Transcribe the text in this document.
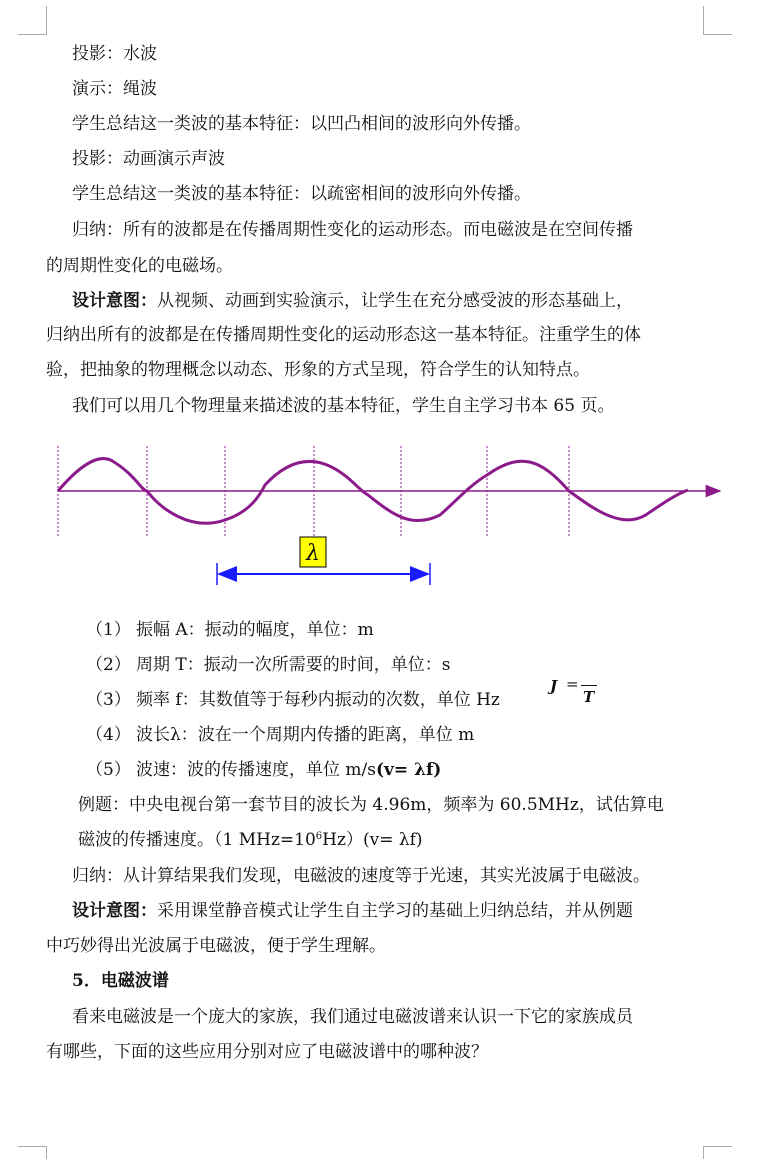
投影：水波
演示：绳波
学生总结这一类波的基本特征：以凹凸相间的波形向外传播。
投影：动画演示声波
学生总结这一类波的基本特征：以疏密相间的波形向外传播。
归纳：所有的波都是在传播周期性变化的运动形态。而电磁波是在空间传播
的周期性变化的电磁场。
设计意图：从视频、动画到实验演示，让学生在充分感受波的形态基础上，
归纳出所有的波都是在传播周期性变化的运动形态这一基本特征。注重学生的体
验，把抽象的物理概念以动态、形象的方式呈现，符合学生的认知特点。
我们可以用几个物理量来描述波的基本特征，学生自主学习书本 65 页。
λ
（1） 振幅 A：振动的幅度，单位：m
（2） 周期 T：振动一次所需要的时间，单位：s
（3） 频率 f：其数值等于每秒内振动的次数，单位 Hz
（4） 波长λ：波在一个周期内传播的距离，单位 m
（5） 波速：波的传播速度，单位 m/s(v= λf)
J =
T
例题：中央电视台第一套节目的波长为 4.96m，频率为 60.5MHz，试估算电
磁波的传播速度。（1 $MHz=10^6Hz)(v= \lambda f)$
归纳：从计算结果我们发现，电磁波的速度等于光速，其实光波属于电磁波。
设计意图：采用课堂静音模式让学生自主学习的基础上归纳总结，并从例题
中巧妙得出光波属于电磁波，便于学生理解。
5．电磁波谱
看来电磁波是一个庞大的家族，我们通过电磁波谱来认识一下它的家族成员
有哪些，下面的这些应用分别对应了电磁波谱中的哪种波？
